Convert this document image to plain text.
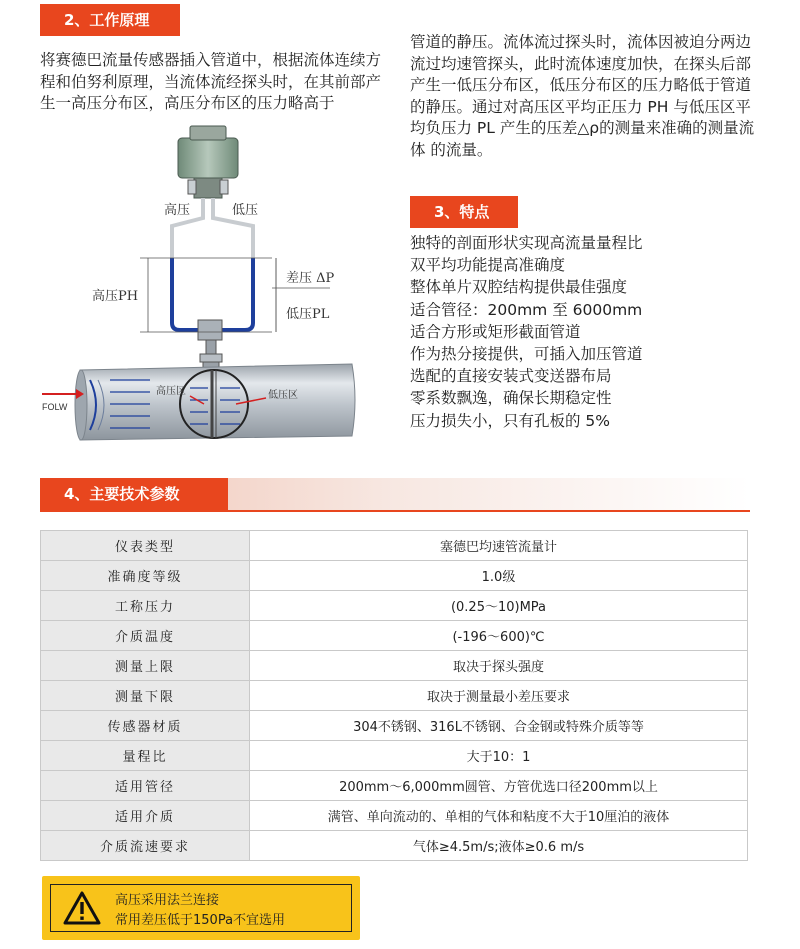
2、工作原理

将赛德巴流量传感器插入管道中，根据流体连续方程和伯努利原理，当流体流经探头时，在其前部产生一高压分布区，高压分布区的压力略高于

管道的静压。流体流过探头时，流体因被迫分两边流过均速管探头，此时流体速度加快，在探头后部产生一低压分布区，低压分布区的压力略低于管道的静压。通过对高压区平均正压力 PH 与低压区平均负压力 PL 产生的压差△ρ的测量来准确的测量流体 的流量。

高压	低压
高压PH
差压 ΔP
低压PL
FOLW
高压区	低压区
3、特点
独特的剖面形状实现高流量量程比
双平均功能提高准确度
整体单片双腔结构提供最佳强度
适合管径：200mm 至 6000mm
适合方形或矩形截面管道
作为热分接提供，可插入加压管道
选配的直接安装式变送器布局
零系数飘逸，确保长期稳定性
压力损失小，只有孔板的 5%
4、主要技术参数
仪表类型	塞德巴均速管流量计
准确度等级	1.0级
工称压力	(0.25～10)MPa
介质温度	(-196～600)℃
测量上限	取决于探头强度
测量下限	取决于测量最小差压要求
传感器材质	304不锈钢、316L不锈钢、合金钢或特殊介质等等
量程比	大于10：1
适用管径	200mm～6,000mm圆管、方管优选口径200mm以上
适用介质	满管、单向流动的、单相的气体和粘度不大于10厘泊的液体
介质流速要求	气体≥4.5m/s;液体≥0.6 m/s
高压采用法兰连接
常用差压低于150Pa不宜选用
